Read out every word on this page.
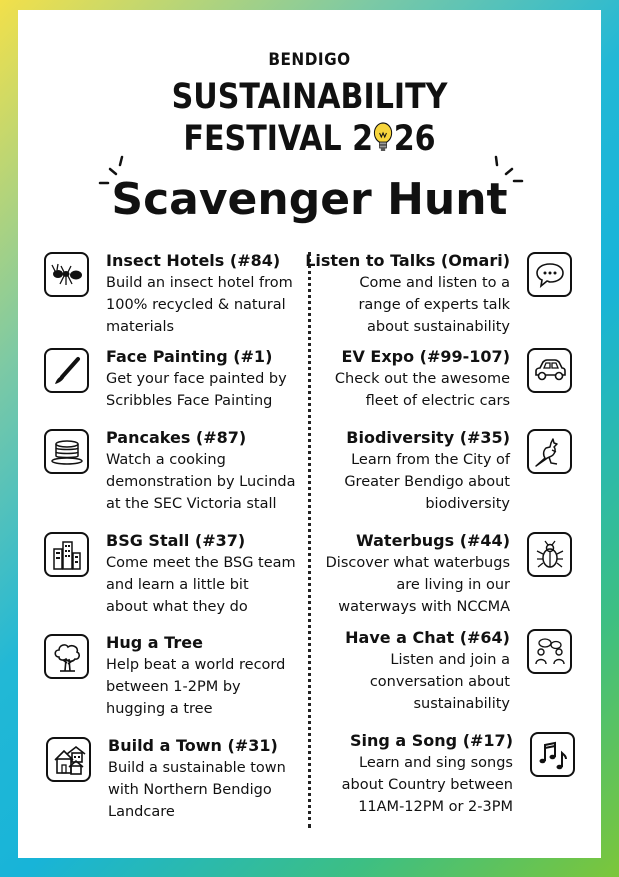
BENDIGO
SUSTAINABILITY
FESTIVAL 2 26
Scavenger Hunt
Insect Hotels (#84)
Build an insect hotel from
100% recycled & natural
materials
Face Painting (#1)
Get your face painted by
Scribbles Face Painting
Pancakes (#87)
Watch a cooking
demonstration by Lucinda
at the SEC Victoria stall
BSG Stall (#37)
Come meet the BSG team
and learn a little bit
about what they do
Hug a Tree
Help beat a world record
between 1-2PM by
hugging a tree
Build a Town (#31)
Build a sustainable town
with Northern Bendigo
Landcare
Listen to Talks (Omari)
Come and listen to a
range of experts talk
about sustainability
EV Expo (#99-107)
Check out the awesome
fleet of electric cars
Biodiversity (#35)
Learn from the City of
Greater Bendigo about
biodiversity
Waterbugs (#44)
Discover what waterbugs
are living in our
waterways with NCCMA
Have a Chat (#64)
Listen and join a
conversation about
sustainability
Sing a Song (#17)
Learn and sing songs
about Country between
11AM-12PM or 2-3PM
